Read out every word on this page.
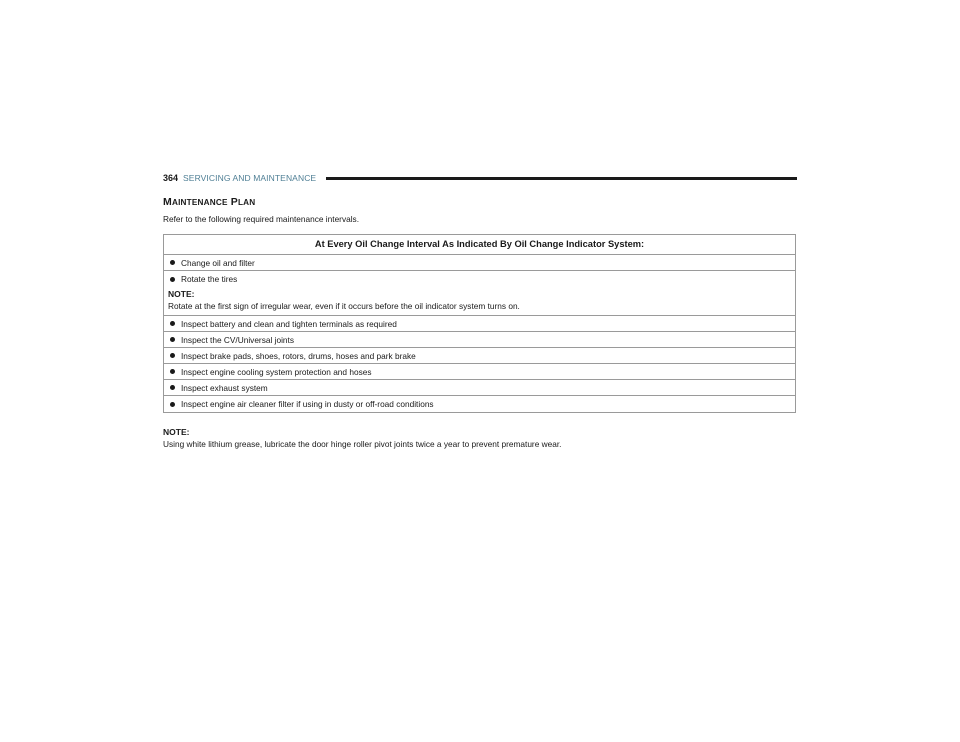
364 SERVICING AND MAINTENANCE
MAINTENANCE PLAN
Refer to the following required maintenance intervals.
At Every Oil Change Interval As Indicated By Oil Change Indicator System:
Change oil and filter
Rotate the tires
NOTE:
Rotate at the first sign of irregular wear, even if it occurs before the oil indicator system turns on.
Inspect battery and clean and tighten terminals as required
Inspect the CV/Universal joints
Inspect brake pads, shoes, rotors, drums, hoses and park brake
Inspect engine cooling system protection and hoses
Inspect exhaust system
Inspect engine air cleaner filter if using in dusty or off-road conditions
NOTE:
Using white lithium grease, lubricate the door hinge roller pivot joints twice a year to prevent premature wear.
